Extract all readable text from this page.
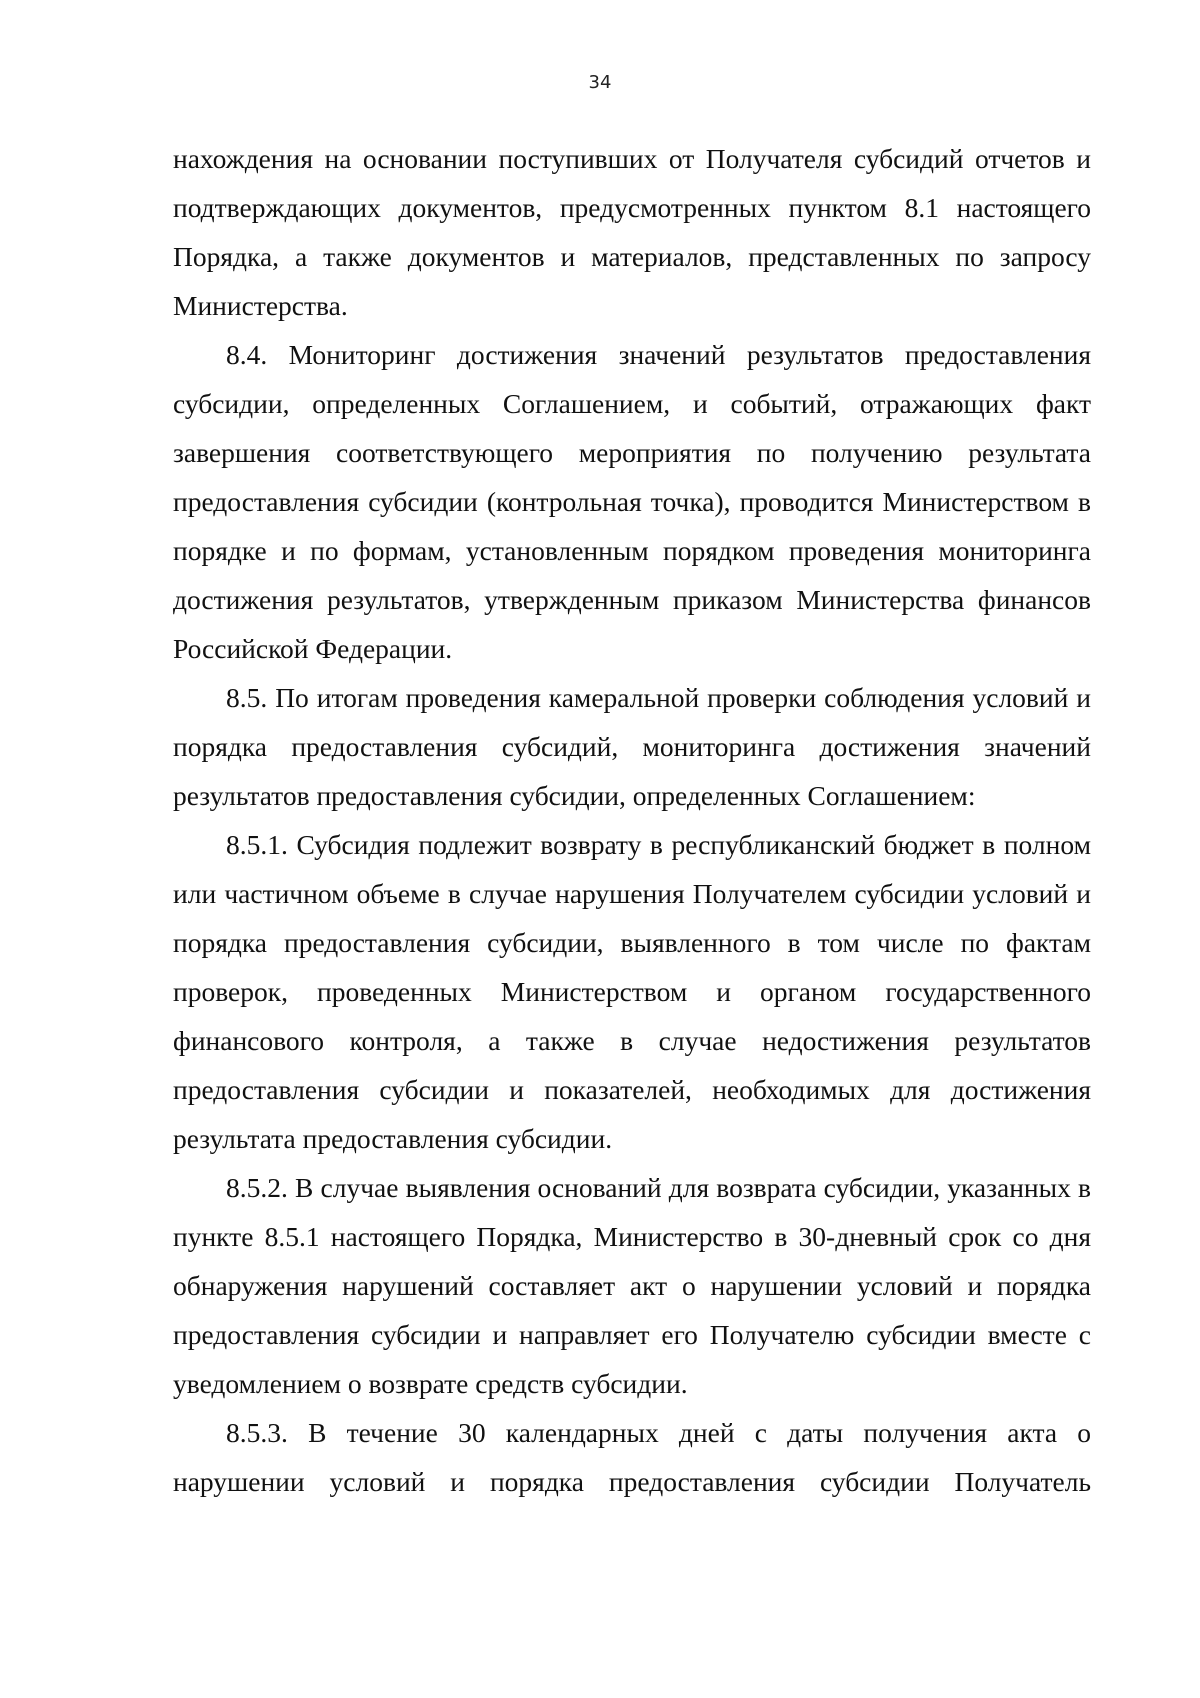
34

нахождения на основании поступивших от Получателя субсидий отчетов и подтверждающих документов, предусмотренных пунктом 8.1 настоящего Порядка, а также документов и материалов, представленных по запросу Министерства.

8.4. Мониторинг достижения значений результатов предоставления субсидии, определенных Соглашением, и событий, отражающих факт завершения соответствующего мероприятия по получению результата предоставления субсидии (контрольная точка), проводится Министерством в порядке и по формам, установленным порядком проведения мониторинга достижения результатов, утвержденным приказом Министерства финансов Российской Федерации.

8.5. По итогам проведения камеральной проверки соблюдения условий и порядка предоставления субсидий, мониторинга достижения значений результатов предоставления субсидии, определенных Соглашением:

8.5.1. Субсидия подлежит возврату в республиканский бюджет в полном или частичном объеме в случае нарушения Получателем субсидии условий и порядка предоставления субсидии, выявленного в том числе по фактам проверок, проведенных Министерством и органом государственного финансового контроля, а также в случае недостижения результатов предоставления субсидии и показателей, необходимых для достижения результата предоставления субсидии.

8.5.2. В случае выявления оснований для возврата субсидии, указанных в пункте 8.5.1 настоящего Порядка, Министерство в 30-дневный срок со дня обнаружения нарушений составляет акт о нарушении условий и порядка предоставления субсидии и направляет его Получателю субсидии вместе с уведомлением о возврате средств субсидии.

8.5.3. В течение 30 календарных дней с даты получения акта о нарушении условий и порядка предоставления субсидии Получатель
